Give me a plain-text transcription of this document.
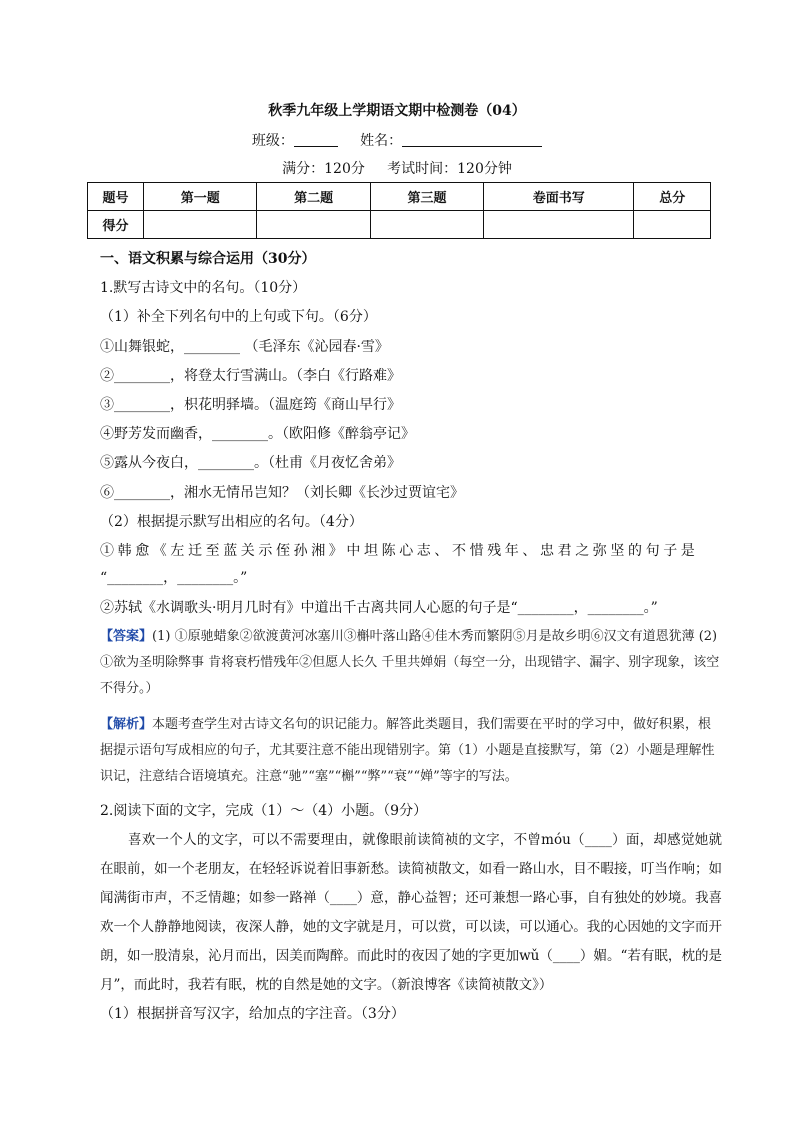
秋季九年级上学期语文期中检测卷（04）
班级：	姓名：
满分：120分 考试时间：120分钟
题号	第一题	第二题	第三题	卷面书写	总分
得分					
一、语文积累与综合运用（30分）
1.默写古诗文中的名句。（10分）
（1）补全下列名句中的上句或下句。（6分）
①山舞银蛇，________ （毛泽东《沁园春·雪》
②________，将登太行雪满山。（李白《行路难》
③________，枳花明驿墙。（温庭筠《商山早行》
④野芳发而幽香，________。（欧阳修《醉翁亭记》
⑤露从今夜白，________。（杜甫《月夜忆舍弟》
⑥________，湘水无情吊岂知？（刘长卿《长沙过贾谊宅》
（2）根据提示默写出相应的名句。（4分）
①韩愈《左迁至蓝关示侄孙湘》中坦陈心志、不惜残年、忠君之弥坚的句子是
“________，________。”
②苏轼《水调歌头·明月几时有》中道出千古离共同人心愿的句子是“________，________。”
【答案】(1) ①原驰蜡象②欲渡黄河冰塞川③槲叶落山路④佳木秀而繁阴⑤月是故乡明⑥汉文有道恩犹薄 (2) ①欲为圣明除弊事 肯将衰朽惜残年②但愿人长久 千里共婵娟（每空一分，出现错字、漏字、别字现象，该空不得分。）
【解析】本题考查学生对古诗文名句的识记能力。解答此类题目，我们需要在平时的学习中，做好积累，根据提示语句写成相应的句子，尤其要注意不能出现错别字。第（1）小题是直接默写，第（2）小题是理解性识记，注意结合语境填充。注意“驰”“塞”“槲”“弊”“衰”“婵”等字的写法。
2.阅读下面的文字，完成（1）～（4）小题。（9分）
喜欢一个人的文字，可以不需要理由，就像眼前读简祯的文字，不曾móu（____）面，却感觉她就在眼前，如一个老朋友，在轻轻诉说着旧事新愁。读简祯散文，如看一路山水，目不暇接，叮当作响；如闻满街市声，不乏情趣；如参一路禅（____）意，静心益智；还可兼想一路心事，自有独处的妙境。我喜欢一个人静静地阅读，夜深人静，她的文字就是月，可以赏，可以读，可以通心。我的心因她的文字而开朗，如一股清泉，沁月而出，因美而陶醉。而此时的夜因了她的字更加wǔ（____）媚。“若有眠，枕的是月”，而此时，我若有眠，枕的自然是她的文字。（新浪博客《读简祯散文》）
（1）根据拼音写汉字，给加点的字注音。（3分）
